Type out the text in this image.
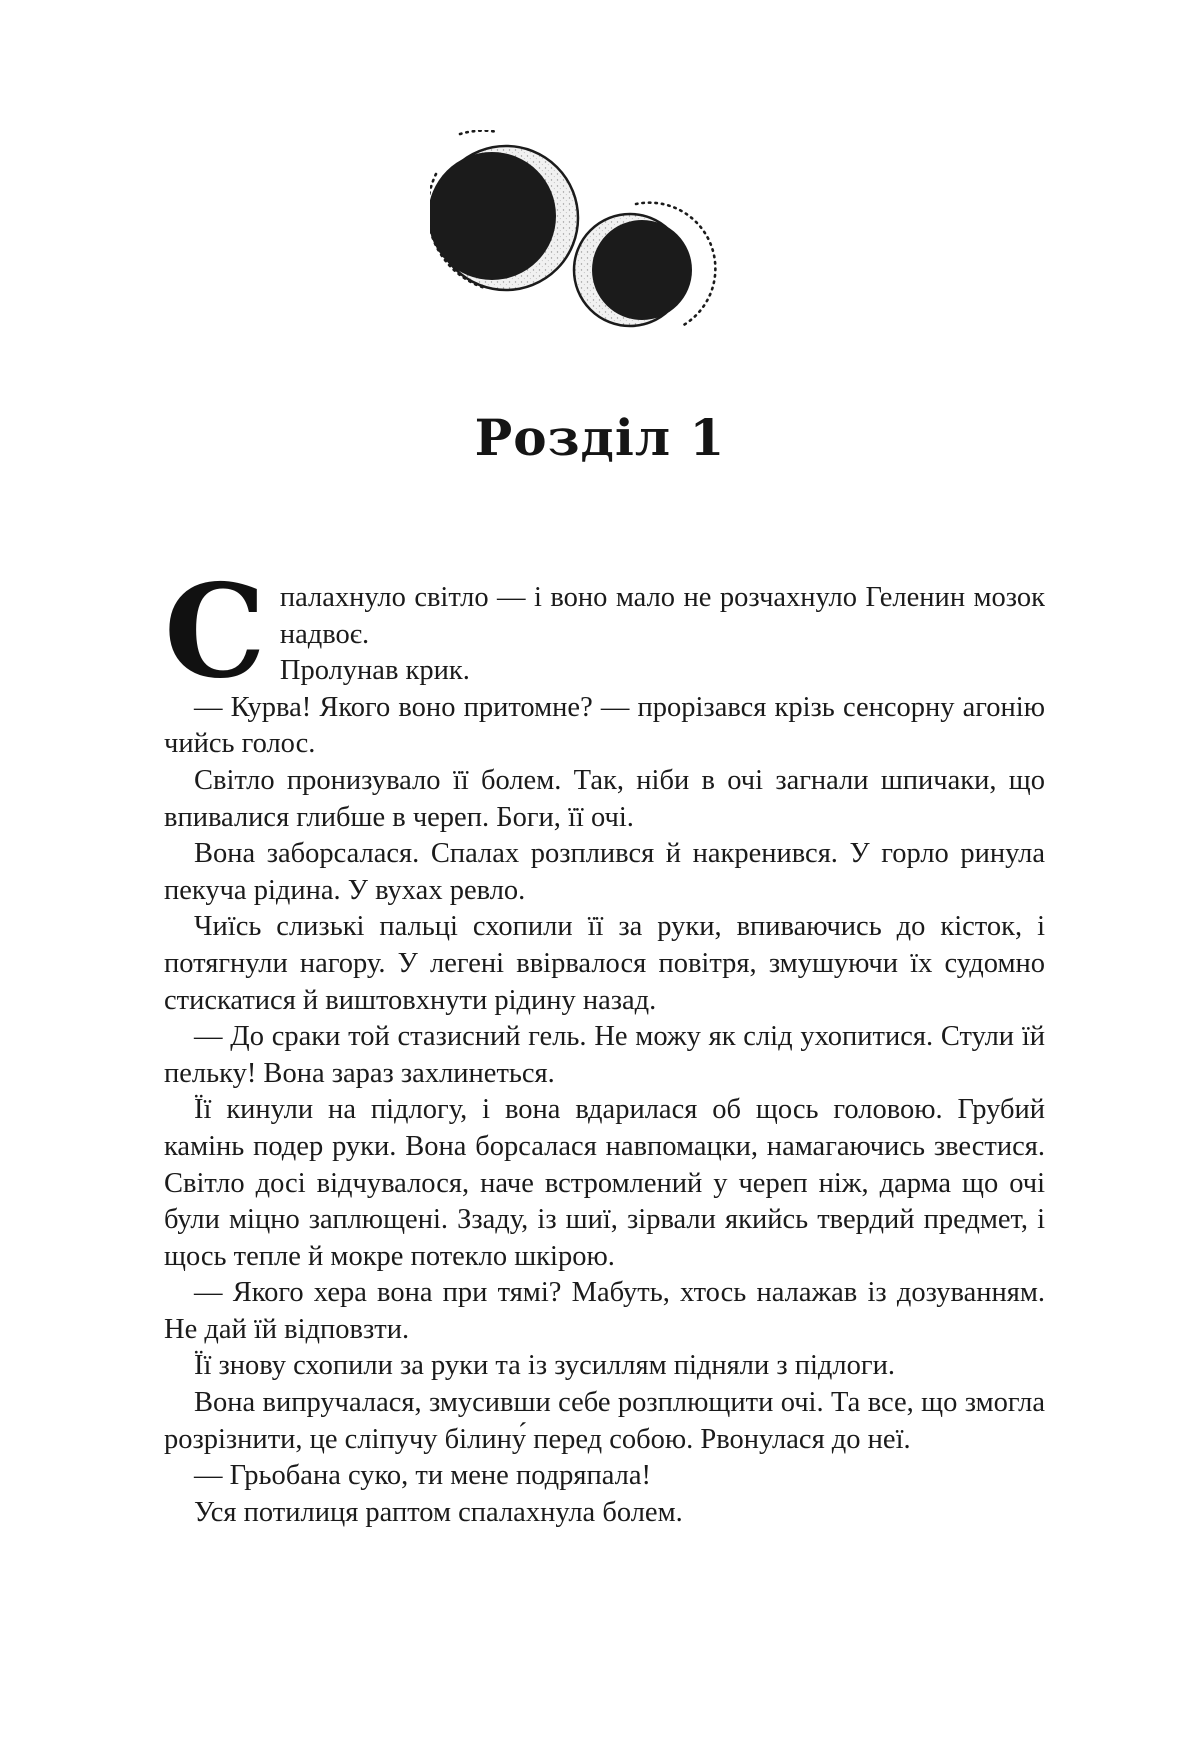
Розділ 1

Спалахнуло світло — і воно мало не розчахнуло Геленин мозок надвоє.

Пролунав крик.

— Курва! Якого воно притомне? — прорізався крізь сенсорну агонію чийсь голос.

Світло пронизувало її болем. Так, ніби в очі загнали шпичаки, що впивалися глибше в череп. Боги, її очі.

Вона заборсалася. Спалах розплився й накренився. У горло ринула пекуча рідина. У вухах ревло.

Чиїсь слизькі пальці схопили її за руки, впиваючись до кісток, і потягнули нагору. У легені ввірвалося повітря, змушуючи їх судомно стискатися й виштовхнути рідину назад.

— До сраки той стазисний гель. Не можу як слід ухопитися. Стули їй пельку! Вона зараз захлинеться.

Її кинули на підлогу, і вона вдарилася об щось головою. Грубий камінь подер руки. Вона борсалася навпомацки, намагаючись звестися. Світло досі відчувалося, наче встромлений у череп ніж, дарма що очі були міцно заплющені. Ззаду, із шиї, зірвали якийсь твердий предмет, і щось тепле й мокре потекло шкірою.

— Якого хера вона при тямі? Мабуть, хтось налажав із дозуванням. Не дай їй відповзти.

Її знову схопили за руки та із зусиллям підняли з підлоги.

Вона випручалася, змусивши себе розплющити очі. Та все, що змогла розрізнити, це сліпучу білину́ перед собою. Рвонулася до неї.

— Грьобана суко, ти мене подряпала!

Уся потилиця раптом спалахнула болем.
